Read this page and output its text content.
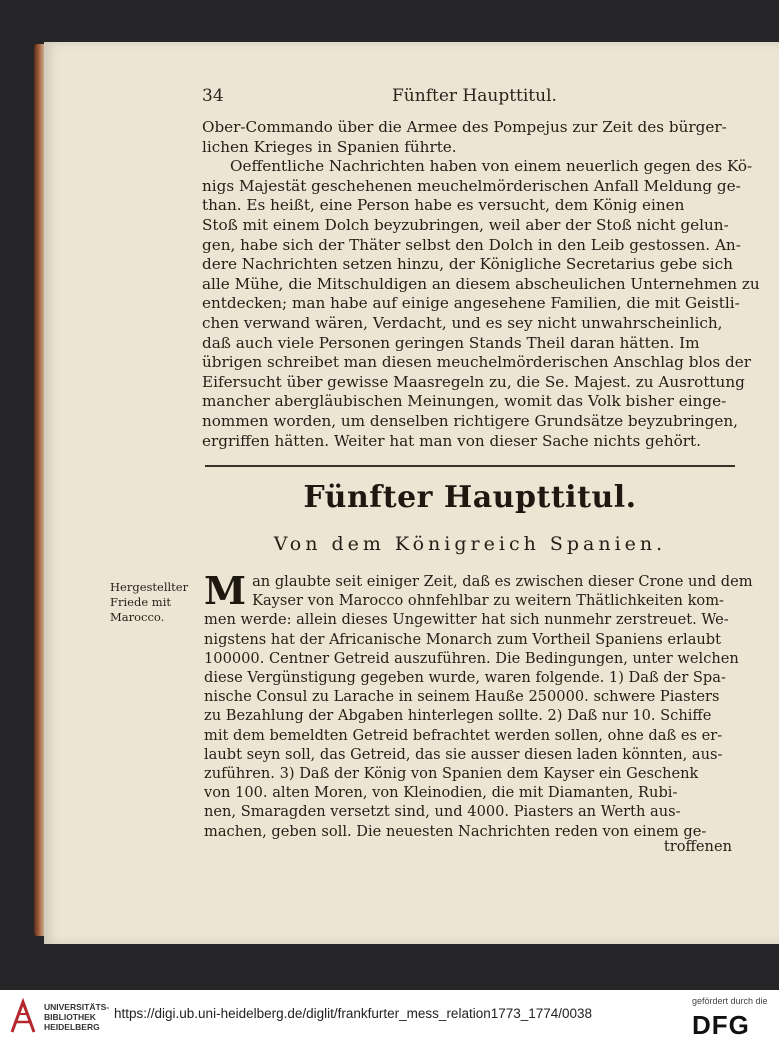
34	Fünfter Haupttitul.
Ober-Commando über die Armee des Pompejus zur Zeit des bürger-
lichen Krieges in Spanien führte.
Oeffentliche Nachrichten haben von einem neuerlich gegen des Kö-
nigs Majestät geschehenen meuchelmörderischen Anfall Meldung ge-
than. Es heißt, eine Person habe es versucht, dem König einen
Stoß mit einem Dolch beyzubringen, weil aber der Stoß nicht gelun-
gen, habe sich der Thäter selbst den Dolch in den Leib gestossen. An-
dere Nachrichten setzen hinzu, der Königliche Secretarius gebe sich
alle Mühe, die Mitschuldigen an diesem abscheulichen Unternehmen zu
entdecken; man habe auf einige angesehene Familien, die mit Geistli-
chen verwand wären, Verdacht, und es sey nicht unwahrscheinlich,
daß auch viele Personen geringen Stands Theil daran hätten. Im
übrigen schreibet man diesen meuchelmörderischen Anschlag blos der
Eifersucht über gewisse Maasregeln zu, die Se. Majest. zu Ausrottung
mancher abergläubischen Meinungen, womit das Volk bisher einge-
nommen worden, um denselben richtigere Grundsätze beyzubringen,
ergriffen hätten. Weiter hat man von dieser Sache nichts gehört.
Fünfter Haupttitul.
Von dem Königreich Spanien.
Hergestellter
Friede mit
Marocco.
M an glaubte seit einiger Zeit, daß es zwischen dieser Crone und dem
Kayser von Marocco ohnfehlbar zu weitern Thätlichkeiten kom-
men werde: allein dieses Ungewitter hat sich nunmehr zerstreuet. We-
nigstens hat der Africanische Monarch zum Vortheil Spaniens erlaubt
100000. Centner Getreid auszuführen. Die Bedingungen, unter welchen
diese Vergünstigung gegeben wurde, waren folgende. 1) Daß der Spa-
nische Consul zu Larache in seinem Hauße 250000. schwere Piasters
zu Bezahlung der Abgaben hinterlegen sollte. 2) Daß nur 10. Schiffe
mit dem bemeldten Getreid befrachtet werden sollen, ohne daß es er-
laubt seyn soll, das Getreid, das sie ausser diesen laden könnten, aus-
zuführen. 3) Daß der König von Spanien dem Kayser ein Geschenk
von 100. alten Moren, von Kleinodien, die mit Diamanten, Rubi-
nen, Smaragden versetzt sind, und 4000. Piasters an Werth aus-
machen, geben soll. Die neuesten Nachrichten reden von einem ge-
troffenen
UNIVERSITÄTS-
BIBLIOTHEK
HEIDELBERG
https://digi.ub.uni-heidelberg.de/diglit/frankfurter_mess_relation1773_1774/0038
gefördert durch die
DFG
